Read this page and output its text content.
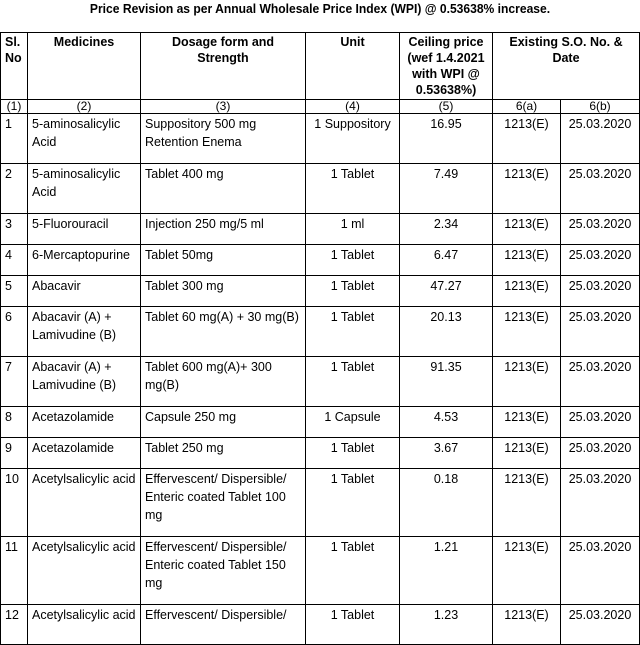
Price Revision as per Annual Wholesale Price Index (WPI) @ 0.53638% increase.
Sl. No	Medicines	Dosage form and Strength	Unit	Ceiling price (wef 1.4.2021 with WPI @ 0.53638%)	Existing S.O. No. & Date	
(1)	(2)	(3)	(4)	(5)	6(a)	6(b)
1	5-aminosalicylic Acid	Suppository 500 mg Retention Enema	1 Suppository	16.95	1213(E)	25.03.2020
2	5-aminosalicylic Acid	Tablet 400 mg	1 Tablet	7.49	1213(E)	25.03.2020
3	5-Fluorouracil	Injection 250 mg/5 ml	1 ml	2.34	1213(E)	25.03.2020
4	6-Mercaptopurine	Tablet 50mg	1 Tablet	6.47	1213(E)	25.03.2020
5	Abacavir	Tablet 300 mg	1 Tablet	47.27	1213(E)	25.03.2020
6	Abacavir (A) + Lamivudine (B)	Tablet 60 mg(A) + 30 mg(B)	1 Tablet	20.13	1213(E)	25.03.2020
7	Abacavir (A) + Lamivudine (B)	Tablet 600 mg(A)+ 300 mg(B)	1 Tablet	91.35	1213(E)	25.03.2020
8	Acetazolamide	Capsule 250 mg	1 Capsule	4.53	1213(E)	25.03.2020
9	Acetazolamide	Tablet 250 mg	1 Tablet	3.67	1213(E)	25.03.2020
10	Acetylsalicylic acid	Effervescent/ Dispersible/ Enteric coated Tablet 100 mg	1 Tablet	0.18	1213(E)	25.03.2020
11	Acetylsalicylic acid	Effervescent/ Dispersible/ Enteric coated Tablet 150 mg	1 Tablet	1.21	1213(E)	25.03.2020
12	Acetylsalicylic acid	Effervescent/ Dispersible/	1 Tablet	1.23	1213(E)	25.03.2020
